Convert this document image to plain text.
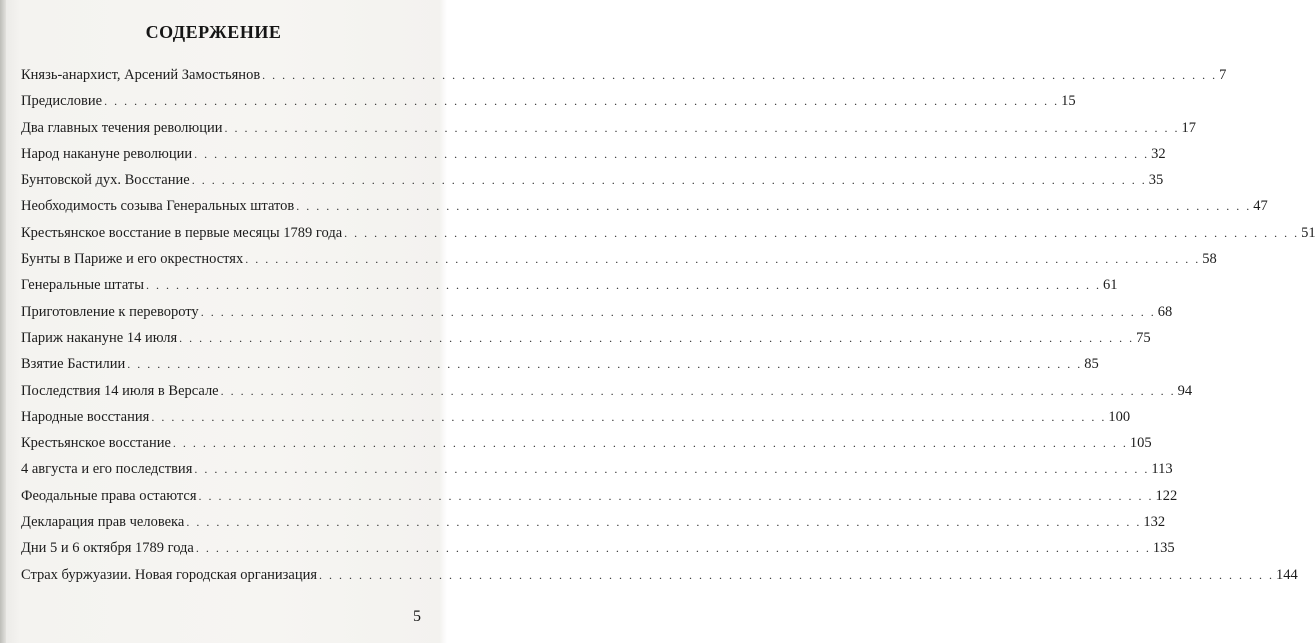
СОДЕРЖЕНИЕ
Князь-анархист, Арсений Замостьянов . . .	7
Предисловие . . .	15
Два главных течения революции . . .	17
Народ накануне революции . . .	32
Бунтовской дух. Восстание . . .	35
Необходимость созыва Генеральных штатов . . .	47
Крестьянское восстание в первые месяцы 1789 года . . .	51
Бунты в Париже и его окрестностях . . .	58
Генеральные штаты . . .	61
Приготовление к перевороту . . .	68
Париж накануне 14 июля . . .	75
Взятие Бастилии . . .	85
Последствия 14 июля в Версале . . .	94
Народные восстания . . .	100
Крестьянское восстание . . .	105
4 августа и его последствия . . .	113
Феодальные права остаются . . .	122
Декларация прав человека . . .	132
Дни 5 и 6 октября 1789 года . . .	135
Страх буржуазии. Новая городская организация . . .	144
5
